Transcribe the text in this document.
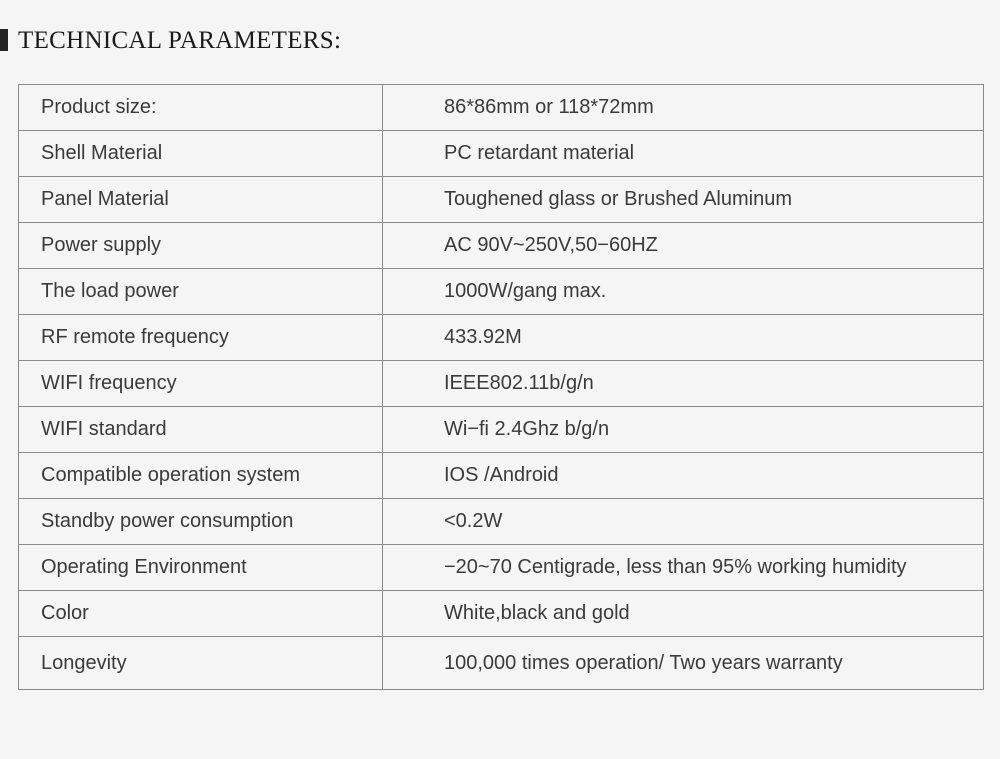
TECHNICAL PARAMETERS:
Product size:	86*86mm or 118*72mm
Shell Material	PC retardant material
Panel Material	Toughened glass or Brushed Aluminum
Power supply	AC 90V~250V,50−60HZ
The load power	1000W/gang max.
RF remote frequency	433.92M
WIFI frequency	IEEE802.11b/g/n
WIFI standard	Wi−fi 2.4Ghz b/g/n
Compatible operation system	IOS /Android
Standby power consumption	<0.2W
Operating Environment	−20~70 Centigrade, less than 95% working humidity
Color	White,black and gold
Longevity	100,000 times operation/ Two years warranty
